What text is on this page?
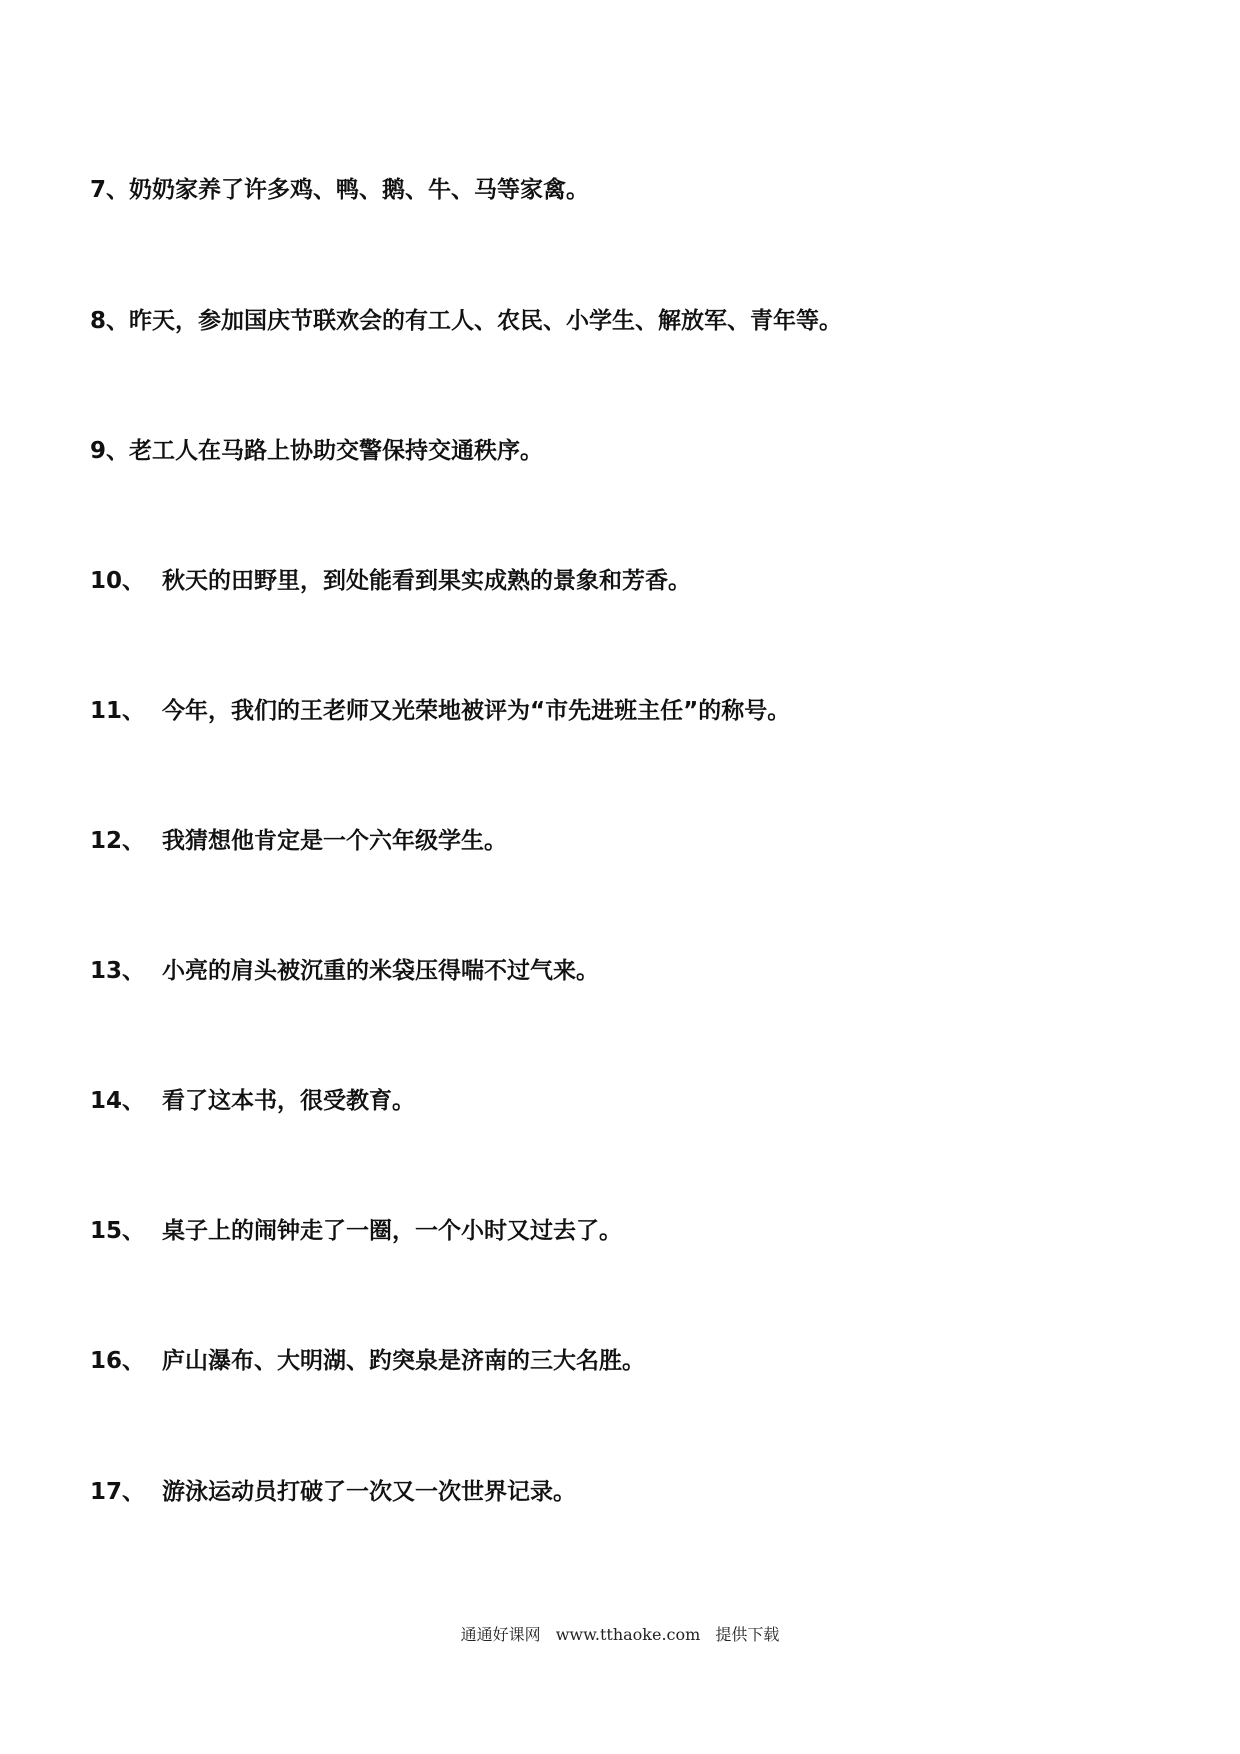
7、奶奶家养了许多鸡、鸭、鹅、牛、马等家禽。
8、昨天，参加国庆节联欢会的有工人、农民、小学生、解放军、青年等。
9、老工人在马路上协助交警保持交通秩序。
10、 秋天的田野里，到处能看到果实成熟的景象和芳香。
11、 今年，我们的王老师又光荣地被评为“市先进班主任”的称号。
12、 我猜想他肯定是一个六年级学生。
13、 小亮的肩头被沉重的米袋压得喘不过气来。
14、 看了这本书，很受教育。
15、 桌子上的闹钟走了一圈，一个小时又过去了。
16、 庐山瀑布、大明湖、趵突泉是济南的三大名胜。
17、 游泳运动员打破了一次又一次世界记录。
通通好课网 www.tthaoke.com 提供下载
